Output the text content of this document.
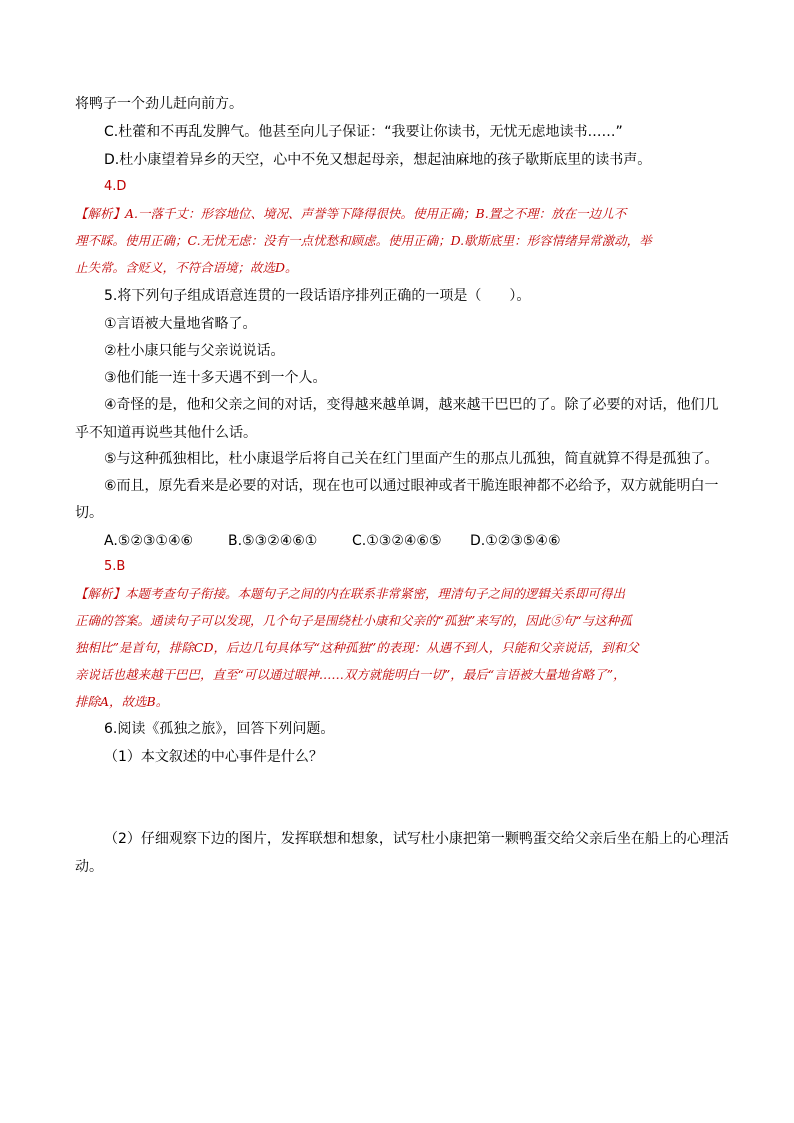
将鸭子一个劲儿赶向前方。
C.杜藿和不再乱发脾气。他甚至向儿子保证：“我要让你读书，无忧无虑地读书……”
D.杜小康望着异乡的天空，心中不免又想起母亲，想起油麻地的孩子歇斯底里的读书声。
4.D
【解析】A.一落千丈：形容地位、境况、声誉等下降得很快。使用正确；B.置之不理：放在一边儿不
理不睬。使用正确；C.无忧无虑：没有一点忧愁和顾虑。使用正确；D.歇斯底里：形容情绪异常激动，举
止失常。含贬义，不符合语境；故选D。
5.将下列句子组成语意连贯的一段话语序排列正确的一项是（　　）。
①言语被大量地省略了。
②杜小康只能与父亲说说话。
③他们能一连十多天遇不到一个人。
④奇怪的是，他和父亲之间的对话，变得越来越单调，越来越干巴巴的了。除了必要的对话，他们几
乎不知道再说些其他什么话。
⑤与这种孤独相比，杜小康退学后将自己关在红门里面产生的那点儿孤独，简直就算不得是孤独了。
⑥而且，原先看来是必要的对话，现在也可以通过眼神或者干脆连眼神都不必给予，双方就能明白一
切。
A.⑤②③①④⑥ B.⑤③②④⑥① C.①③②④⑥⑤ D.①②③⑤④⑥
5.B
【解析】本题考查句子衔接。本题句子之间的内在联系非常紧密，理清句子之间的逻辑关系即可得出
正确的答案。通读句子可以发现，几个句子是围绕杜小康和父亲的“孤独”来写的，因此⑤句“与这种孤
独相比”是首句，排除CD，后边几句具体写“这种孤独”的表现：从遇不到人，只能和父亲说话，到和父
亲说话也越来越干巴巴，直至“可以通过眼神……双方就能明白一切”，最后“言语被大量地省略了”，
排除A，故选B。
6.阅读《孤独之旅》，回答下列问题。
（1）本文叙述的中心事件是什么？
（2）仔细观察下边的图片，发挥联想和想象，试写杜小康把第一颗鸭蛋交给父亲后坐在船上的心理活
动。
